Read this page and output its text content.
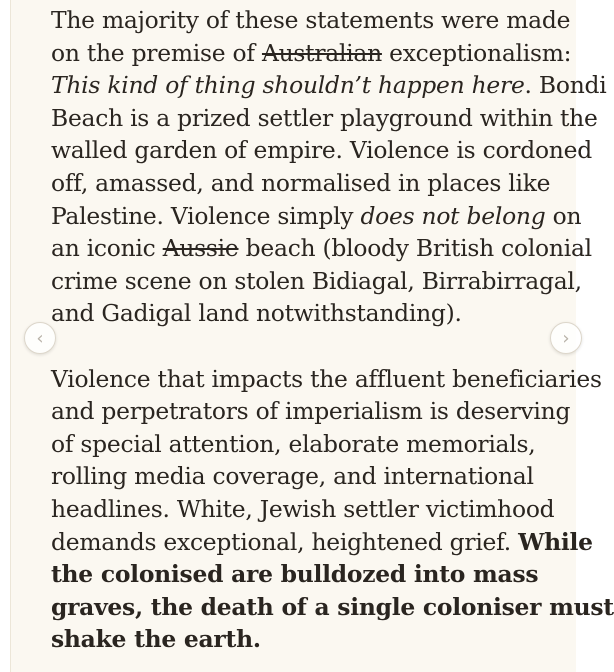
The majority of these statements were made
on the premise of Australian exceptionalism:
This kind of thing shouldn’t happen here. Bondi
Beach is a prized settler playground within the
walled garden of empire. Violence is cordoned
off, amassed, and normalised in places like
Palestine. Violence simply does not belong on
an iconic Aussie beach (bloody British colonial
crime scene on stolen Bidiagal, Birrabirragal,
and Gadigal land notwithstanding).

Violence that impacts the affluent beneficiaries
and perpetrators of imperialism is deserving
of special attention, elaborate memorials,
rolling media coverage, and international
headlines. White, Jewish settler victimhood
demands exceptional, heightened grief. While
the colonised are bulldozed into mass
graves, the death of a single coloniser must
shake the earth.

‹	›
